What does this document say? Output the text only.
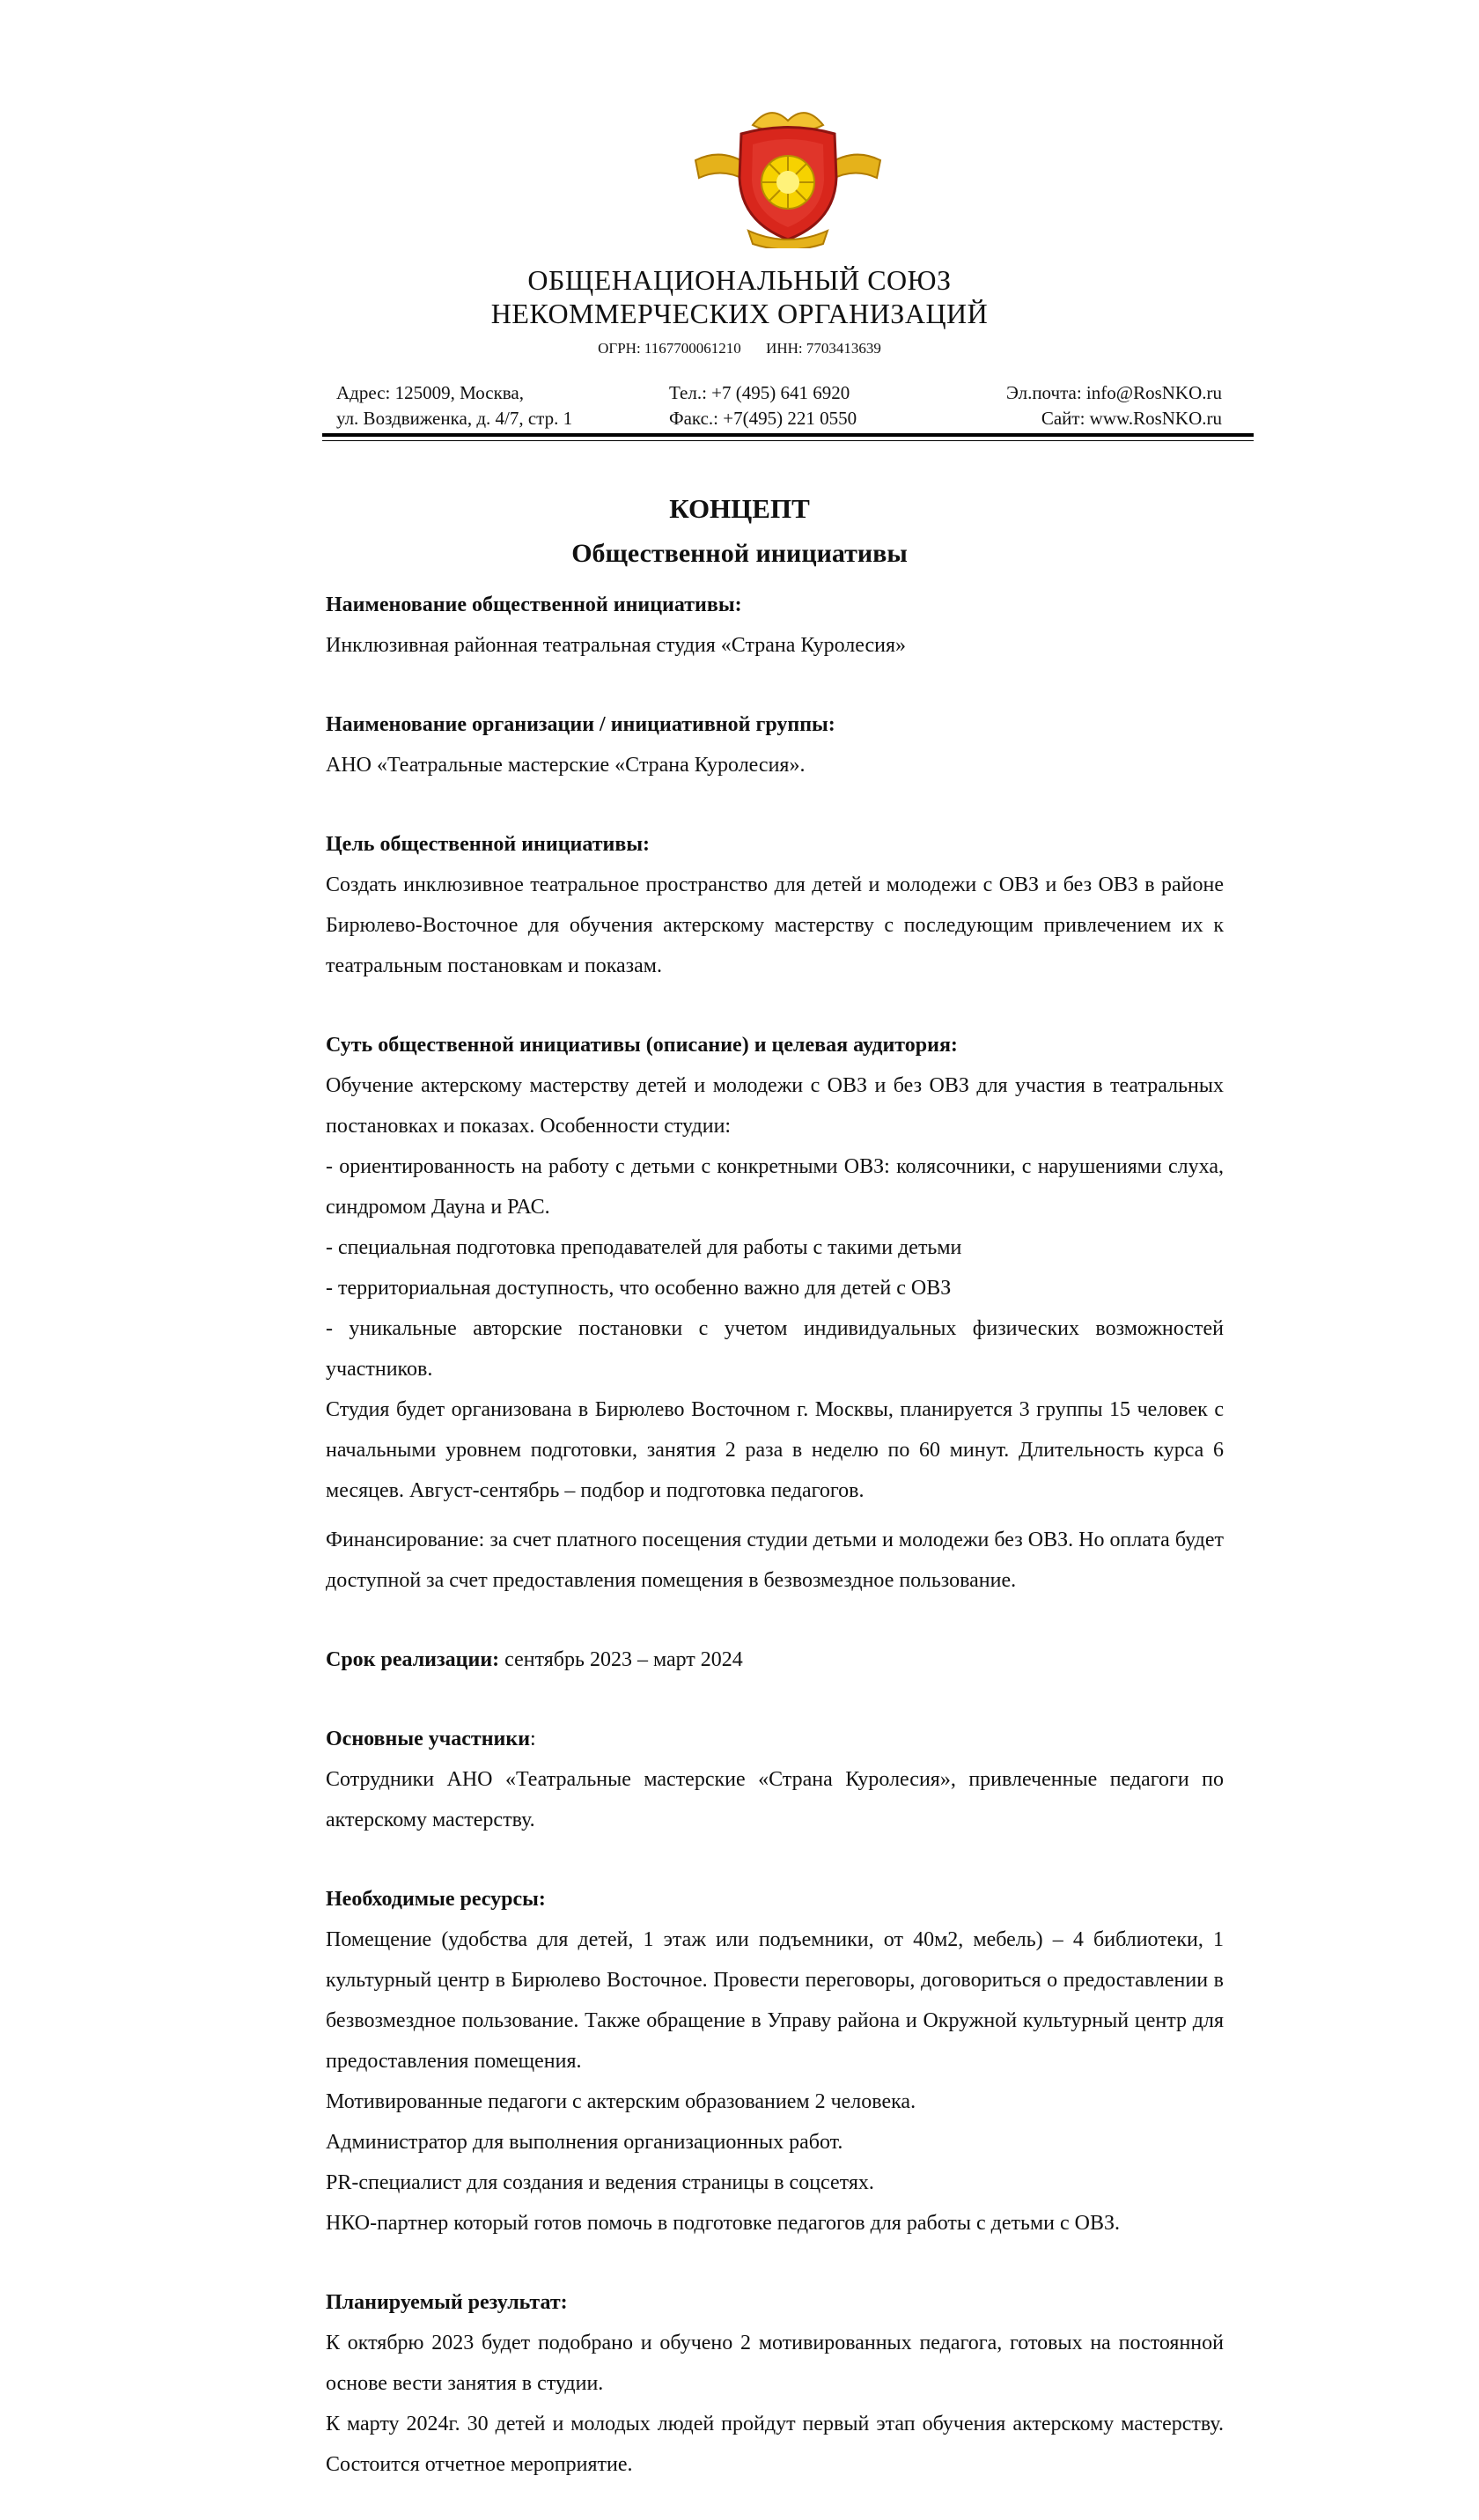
ОБЩЕНАЦИОНАЛЬНЫЙ СОЮЗ
НЕКОММЕРЧЕСКИХ ОРГАНИЗАЦИЙ
ОГРН: 1167700061210 ИНН: 7703413639
Адрес: 125009, Москва,
ул. Воздвиженка, д. 4/7, стр. 1
Тел.: +7 (495) 641 6920
Факс.: +7(495) 221 0550
Эл.почта: info@RosNKO.ru
Сайт: www.RosNKO.ru
КОНЦЕПТ
Общественной инициативы

Наименование общественной инициативы:

Инклюзивная районная театральная студия «Страна Куролесия»

Наименование организации / инициативной группы:

АНО «Театральные мастерские «Страна Куролесия».

Цель общественной инициативы:

Создать инклюзивное театральное пространство для детей и молодежи с ОВЗ и без ОВЗ в районе Бирюлево-Восточное для обучения актерскому мастерству с последующим привлечением их к театральным постановкам и показам.

Суть общественной инициативы (описание) и целевая аудитория:

Обучение актерскому мастерству детей и молодежи с ОВЗ и без ОВЗ для участия в театральных постановках и показах. Особенности студии:

- ориентированность на работу с детьми с конкретными ОВЗ: колясочники, с нарушениями слуха, синдромом Дауна и РАС.

- специальная подготовка преподавателей для работы с такими детьми

- территориальная доступность, что особенно важно для детей с ОВЗ

- уникальные авторские постановки с учетом индивидуальных физических возможностей участников.

Студия будет организована в Бирюлево Восточном г. Москвы, планируется 3 группы 15 человек с начальными уровнем подготовки, занятия 2 раза в неделю по 60 минут. Длительность курса 6 месяцев. Август-сентябрь – подбор и подготовка педагогов.

Финансирование: за счет платного посещения студии детьми и молодежи без ОВЗ. Но оплата будет доступной за счет предоставления помещения в безвозмездное пользование.

Срок реализации: сентябрь 2023 – март 2024

Основные участники:

Сотрудники АНО «Театральные мастерские «Страна Куролесия», привлеченные педагоги по актерскому мастерству.

Необходимые ресурсы:

Помещение (удобства для детей, 1 этаж или подъемники, от 40м2, мебель) – 4 библиотеки, 1 культурный центр в Бирюлево Восточное. Провести переговоры, договориться о предоставлении в безвозмездное пользование. Также обращение в Управу района и Окружной культурный центр для предоставления помещения.

Мотивированные педагоги с актерским образованием 2 человека.

Администратор для выполнения организационных работ.

PR-специалист для создания и ведения страницы в соцсетях.

НКО-партнер который готов помочь в подготовке педагогов для работы с детьми с ОВЗ.

Планируемый результат:

К октябрю 2023 будет подобрано и обучено 2 мотивированных педагога, готовых на постоянной основе вести занятия в студии.

К марту 2024г. 30 детей и молодых людей пройдут первый этап обучения актерскому мастерству. Состоится отчетное мероприятие.
